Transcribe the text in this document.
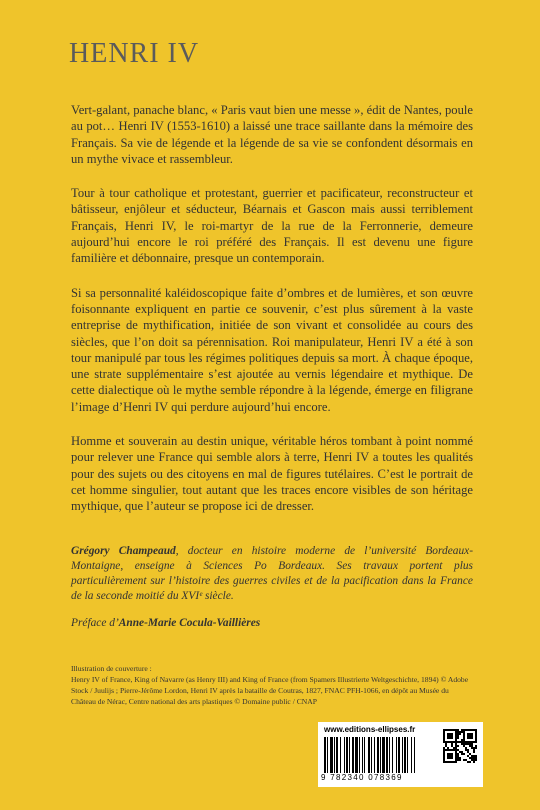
HENRI IV

Vert-galant, panache blanc, « Paris vaut bien une messe », édit de Nantes, poule au pot… Henri IV (1553-1610) a laissé une trace saillante dans la mémoire des Français. Sa vie de légende et la légende de sa vie se confondent désormais en un mythe vivace et rassembleur.

Tour à tour catholique et protestant, guerrier et pacificateur, reconstructeur et bâtisseur, enjôleur et séducteur, Béarnais et Gascon mais aussi terriblement Français, Henri IV, le roi-martyr de la rue de la Ferronnerie, demeure aujourd’hui encore le roi préféré des Français. Il est devenu une figure familière et débonnaire, presque un contemporain.

Si sa personnalité kaléidoscopique faite d’ombres et de lumières, et son œuvre foisonnante expliquent en partie ce souvenir, c’est plus sûrement à la vaste entreprise de mythification, initiée de son vivant et consolidée au cours des siècles, que l’on doit sa pérennisation. Roi manipulateur, Henri IV a été à son tour manipulé par tous les régimes politiques depuis sa mort. À chaque époque, une strate supplémentaire s’est ajoutée au vernis légendaire et mythique. De cette dialectique où le mythe semble répondre à la légende, émerge en filigrane l’image d’Henri IV qui perdure aujourd’hui encore.

Homme et souverain au destin unique, véritable héros tombant à point nommé pour relever une France qui semble alors à terre, Henri IV a toutes les qualités pour des sujets ou des citoyens en mal de figures tutélaires. C’est le portrait de cet homme singulier, tout autant que les traces encore visibles de son héritage mythique, que l’auteur se propose ici de dresser.

Grégory Champeaud, docteur en histoire moderne de l’université Bordeaux-Montaigne, enseigne à Sciences Po Bordeaux. Ses travaux portent plus particulièrement sur l’histoire des guerres civiles et de la pacification dans la France de la seconde moitié du XVIᵉ siècle.

Préface d’Anne-Marie Cocula-Vaillières

Illustration de couverture :

Henry IV of France, King of Navarre (as Henry III) and King of France (from Spamers Illustrierte Weltgeschichte, 1894) © Adobe Stock / Juulijs ; Pierre-Jérôme Lordon, Henri IV après la bataille de Coutras, 1827, FNAC PFH-1066, en dépôt au Musée du Château de Nérac, Centre national des arts plastiques © Domaine public / CNAP

www.editions-ellipses.fr
9 782340 078369
